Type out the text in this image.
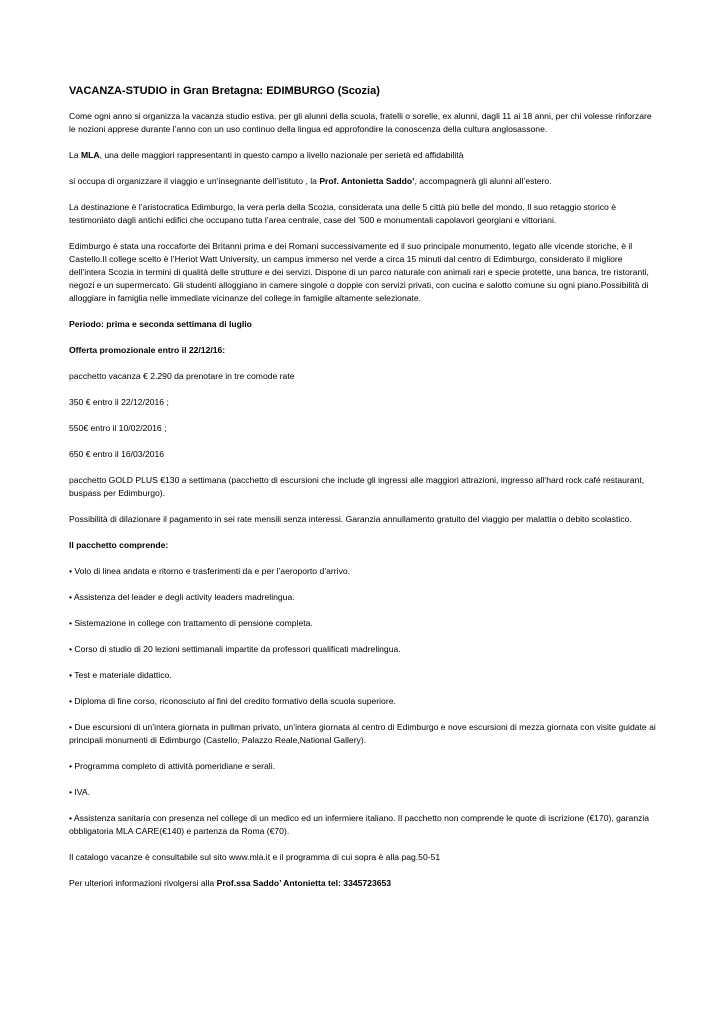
VACANZA-STUDIO in Gran Bretagna: EDIMBURGO (Scozia)

Come ogni anno si organizza la vacanza studio estiva. per gli alunni della scuola, fratelli o sorelle, ex alunni, dagli 11 ai 18 anni, per chi volesse rinforzare le nozioni apprese durante l’anno con un uso continuo della lingua ed approfondire la conoscenza della cultura anglosassone.

La MLA, una delle maggiori rappresentanti in questo campo a livello nazionale per serietà ed affidabilità

si occupa di organizzare il viaggio e un’insegnante dell’istituto , la Prof. Antonietta Saddo’, accompagnerà gli alunni all’estero.

La destinazione è l’aristocratica Edimburgo, la vera perla della Scozia, considerata una delle 5 città più belle del mondo. Il suo retaggio storico è testimoniato dagli antichi edifici che occupano tutta l’area centrale, case del ’500 e monumentali capolavori georgiani e vittoriani.

Edimburgo è stata una roccaforte dei Britanni prima e dei Romani successivamente ed il suo principale monumento, legato alle vicende storiche, è il Castello.Il college scelto è l’Heriot Watt University, un campus immerso nel verde a circa 15 minuti dal centro di Edimburgo, considerato il migliore dell’intera Scozia in termini di qualità delle strutture e dei servizi. Dispone di un parco naturale con animali rari e specie protette, una banca, tre ristoranti, negozi e un supermercato. Gli studenti alloggiano in camere singole o doppie con servizi privati, con cucina e salotto comune su ogni piano.Possibilità di alloggiare in famiglia nelle immediate vicinanze del college in famiglie altamente selezionate.

Periodo: prima e seconda settimana di luglio

Offerta promozionale entro il 22/12/16:

pacchetto vacanza € 2.290 da prenotare in tre comode rate

350 € entro il 22/12/2016 ;

550€ entro il 10/02/2016 ;

650 € entro il 16/03/2016

pacchetto GOLD PLUS €130 a settimana (pacchetto di escursioni che include gli ingressi alle maggiori attrazioni, ingresso all’hard rock café restaurant, buspass per Edimburgo).

Possibilità di dilazionare il pagamento in sei rate mensili senza interessi. Garanzia annullamento gratuito del viaggio per malattia o debito scolastico.

Il pacchetto comprende:

• Volo di linea andata e ritorno e trasferimenti da e per l’aeroporto d’arrivo.

• Assistenza del leader e degli activity leaders madrelingua.

• Sistemazione in college con trattamento di pensione completa.

• Corso di studio di 20 lezioni settimanali impartite da professori qualificati madrelingua.

• Test e materiale didattico.

• Diploma di fine corso, riconosciuto ai fini del credito formativo della scuola superiore.

• Due escursioni di un’intera giornata in pullman privato, un’intera giornata al centro di Edimburgo e nove escursioni di mezza giornata con visite guidate ai principali monumenti di Edimburgo (Castello, Palazzo Reale,National Gallery).

• Programma completo di attività pomeridiane e serali.

• IVA.

• Assistenza sanitaria con presenza nel college di un medico ed un infermiere italiano. Il pacchetto non comprende le quote di iscrizione (€170), garanzia obbligatoria MLA CARE(€140) e partenza da Roma (€70).

Il catalogo vacanze è consultabile sul sito www.mla.it e il programma di cui sopra è alla pag.50-51

Per ulteriori informazioni rivolgersi alla Prof.ssa Saddo’ Antonietta tel: 3345723653
